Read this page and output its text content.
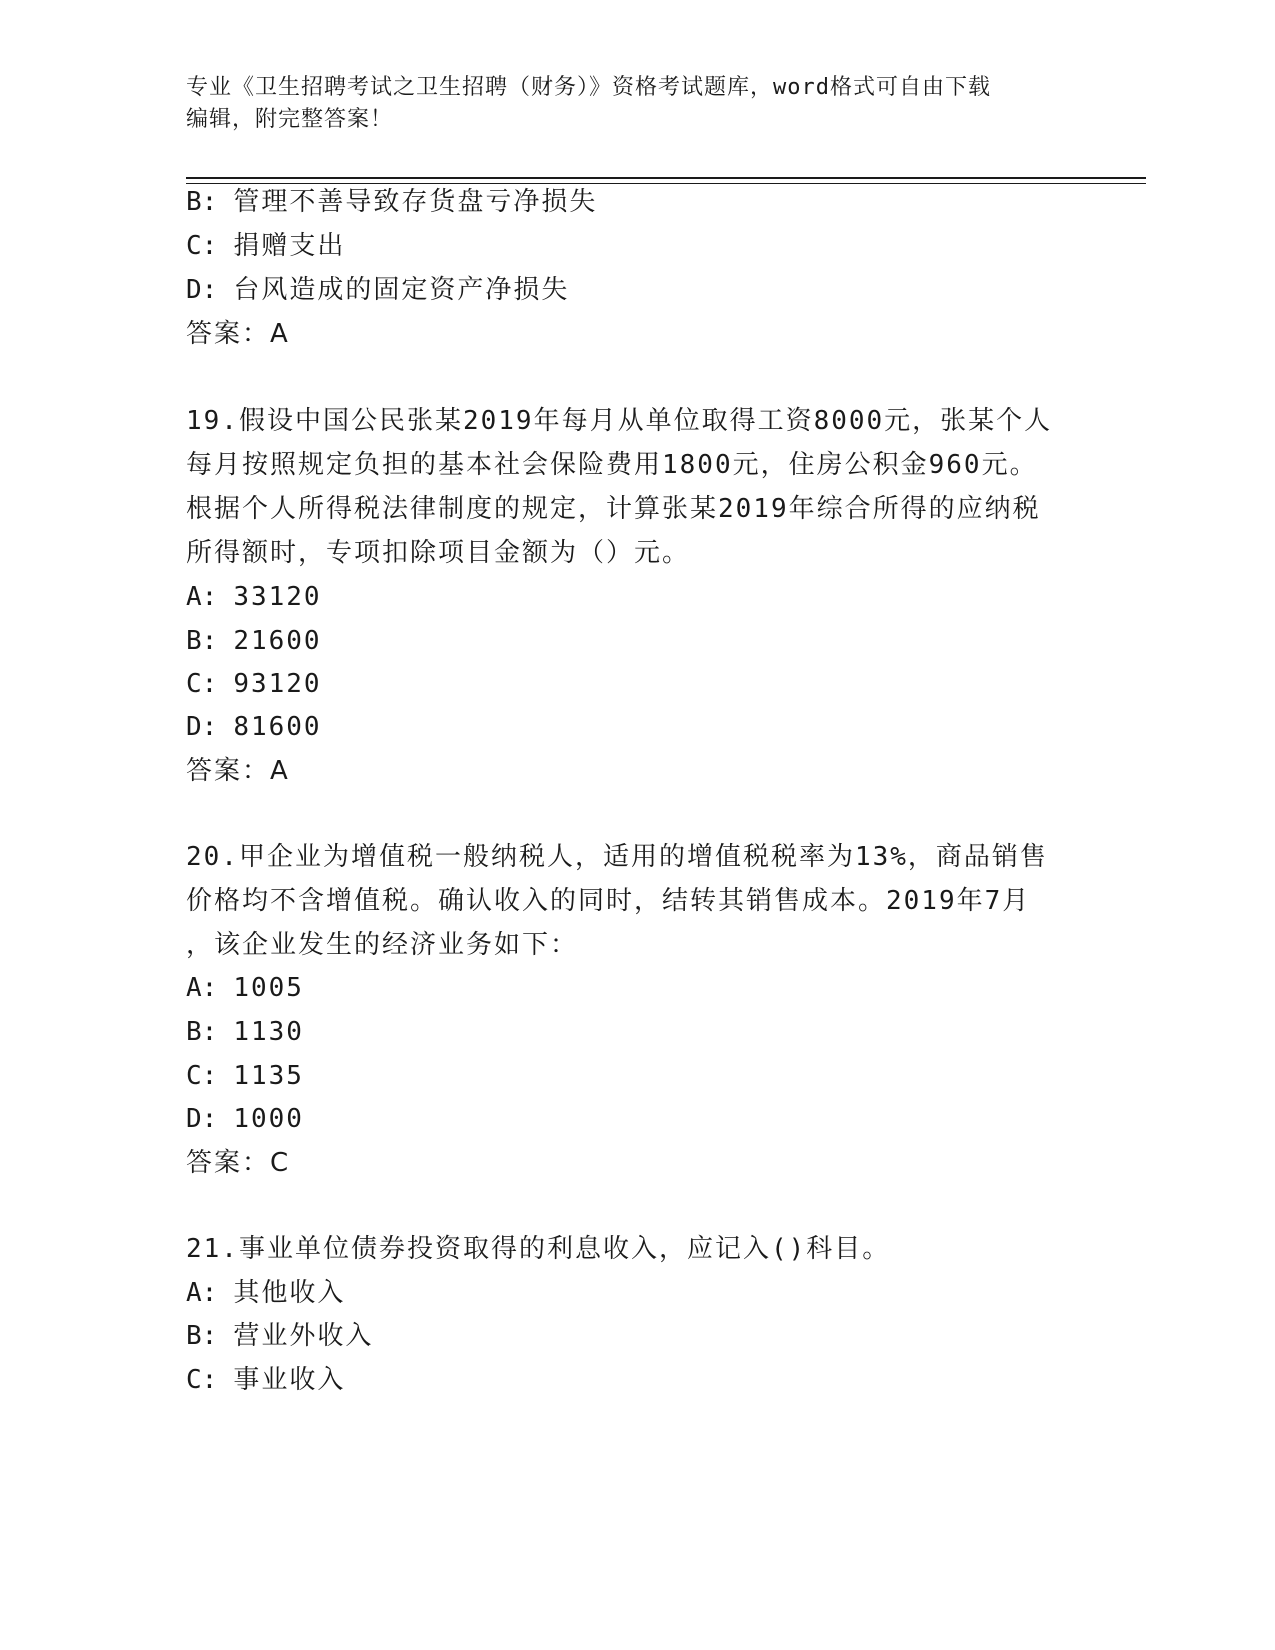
专业《卫生招聘考试之卫生招聘（财务）》资格考试题库，word格式可自由下载
编辑，附完整答案！
B: 管理不善导致存货盘亏净损失
C: 捐赠支出
D: 台风造成的固定资产净损失
答案：A
19.假设中国公民张某2019年每月从单位取得工资8000元，张某个人
每月按照规定负担的基本社会保险费用1800元，住房公积金960元。
根据个人所得税法律制度的规定，计算张某2019年综合所得的应纳税
所得额时，专项扣除项目金额为（）元。
A: 33120
B: 21600
C: 93120
D: 81600
答案：A
20.甲企业为增值税一般纳税人，适用的增值税税率为13%，商品销售
价格均不含增值税。确认收入的同时，结转其销售成本。2019年7月
，该企业发生的经济业务如下：
A: 1005
B: 1130
C: 1135
D: 1000
答案：C
21.事业单位债券投资取得的利息收入，应记入()科目。
A: 其他收入
B: 营业外收入
C: 事业收入
